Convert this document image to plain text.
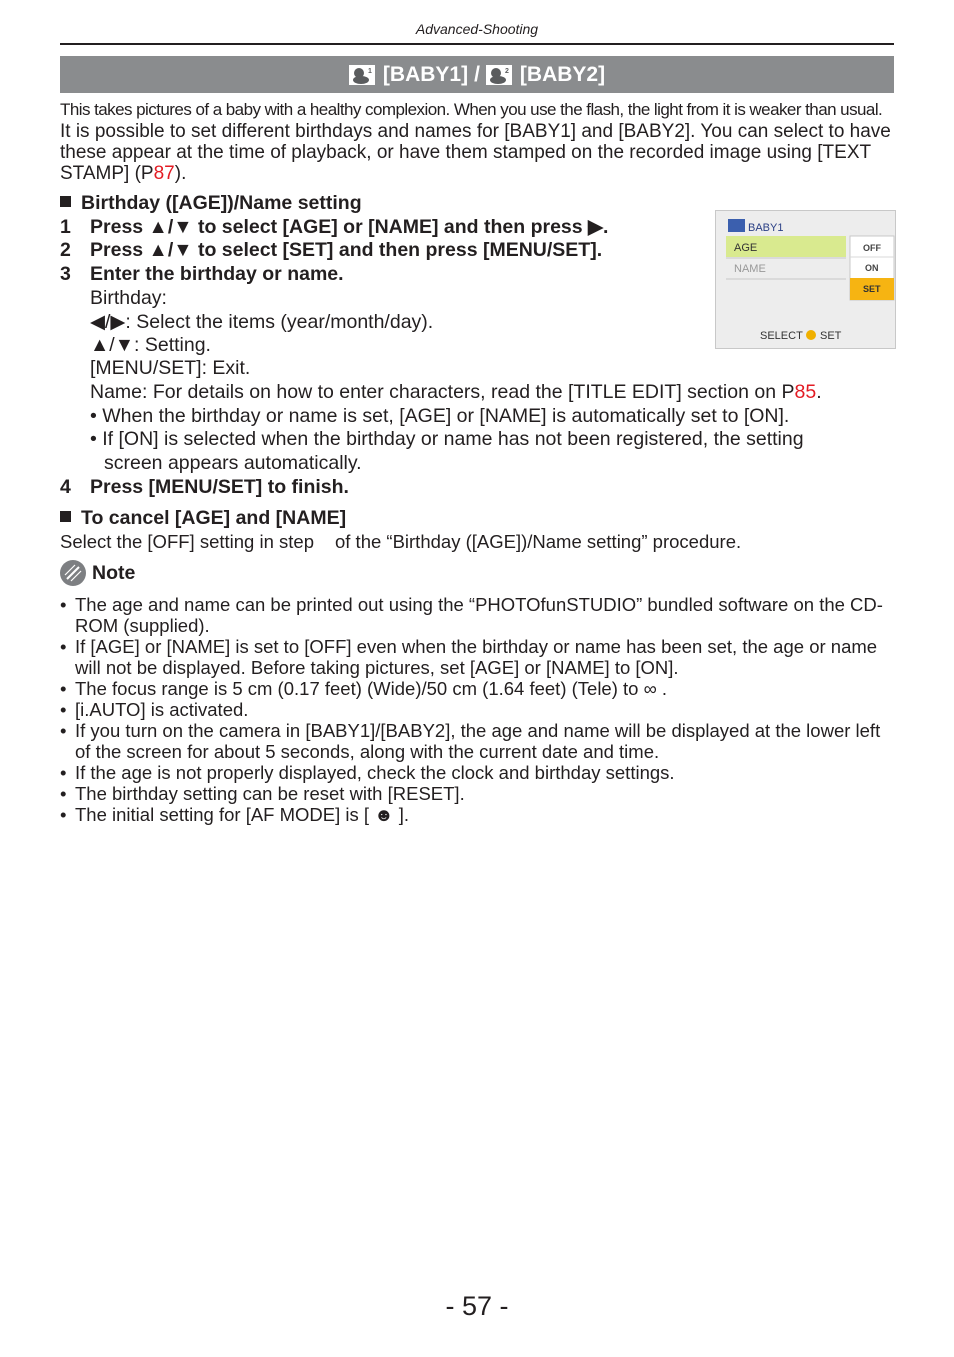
Advanced-Shooting
1 [BABY1] /	2 [BABY2]
This takes pictures of a baby with a healthy complexion. When you use the flash, the light from it is weaker than usual.
It is possible to set different birthdays and names for [BABY1] and [BABY2]. You can select to have these appear at the time of playback, or have them stamped on the recorded image using [TEXT STAMP] (P87).
Birthday ([AGE])/Name setting
1 Press ▲/▼ to select [AGE] or [NAME] and then press ▶.
2 Press ▲/▼ to select [SET] and then press [MENU/SET].
3 Enter the birthday or name.
Birthday:
◀/▶: Select the items (year/month/day).
▲/▼: Setting.
[MENU/SET]: Exit.
Name: For details on how to enter characters, read the [TITLE EDIT] section on P85.
• When the birthday or name is set, [AGE] or [NAME] is automatically set to [ON].
• If [ON] is selected when the birthday or name has not been registered, the setting
screen appears automatically.
4 Press [MENU/SET] to finish.
BABY1
AGE
NAME
OFF
ON
SET
SELECT SET
To cancel [AGE] and [NAME]
Select the [OFF] setting in step of the “Birthday ([AGE])/Name setting” procedure.
Note
• The age and name can be printed out using the “PHOTOfunSTUDIO” bundled software on the CD-ROM (supplied).
• If [AGE] or [NAME] is set to [OFF] even when the birthday or name has been set, the age or name will not be displayed. Before taking pictures, set [AGE] or [NAME] to [ON].
• The focus range is 5 cm (0.17 feet) (Wide)/50 cm (1.64 feet) (Tele) to ∞ .
• [i.AUTO] is activated.
• If you turn on the camera in [BABY1]/[BABY2], the age and name will be displayed at the lower left of the screen for about 5 seconds, along with the current date and time.
• If the age is not properly displayed, check the clock and birthday settings.
• The birthday setting can be reset with [RESET].
• The initial setting for [AF MODE] is [ ☻ ].
- 57 -
